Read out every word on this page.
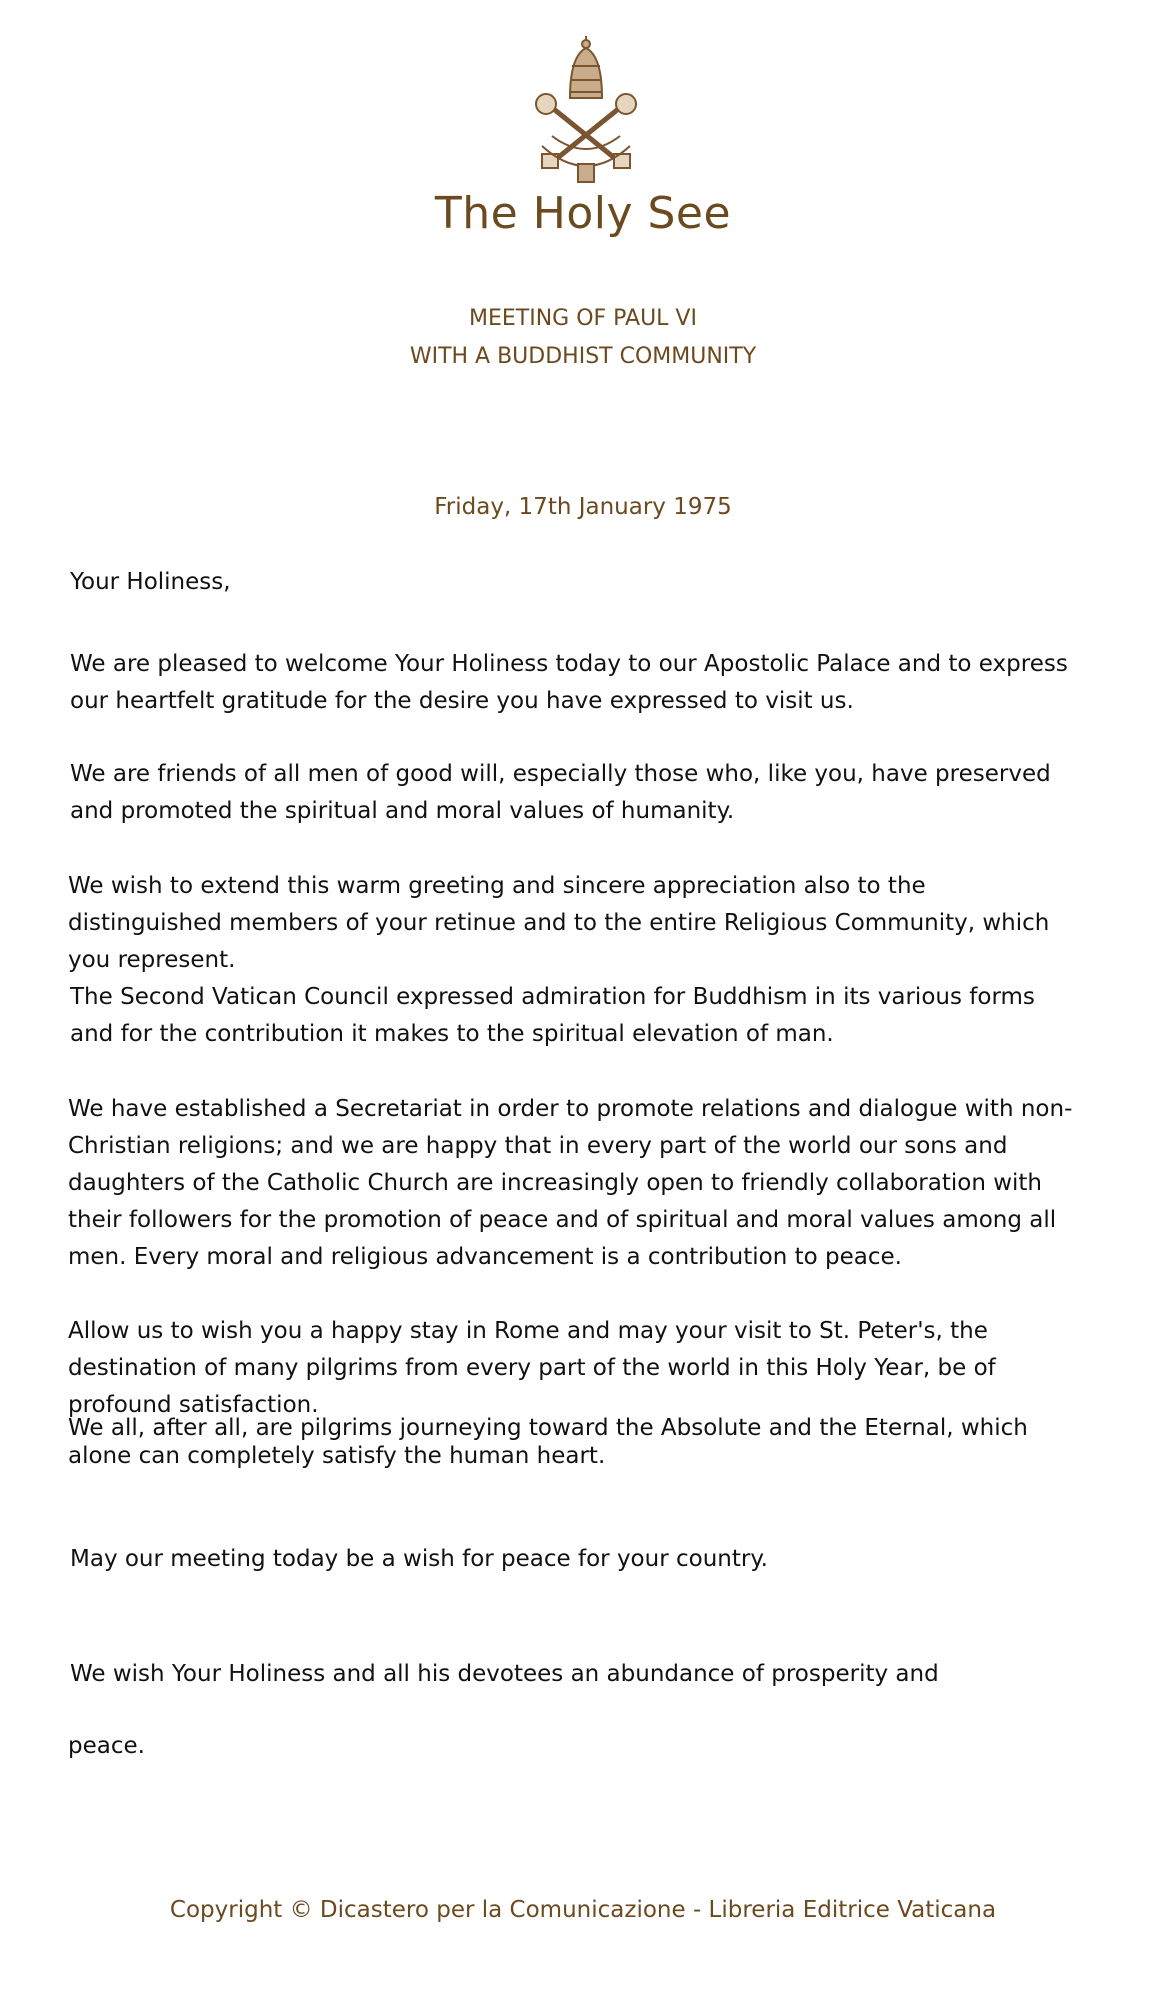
The Holy See
MEETING OF PAUL VI
WITH A BUDDHIST COMMUNITY
Friday, 17th January 1975

Your Holiness,

We are pleased to welcome Your Holiness today to our Apostolic Palace and to express our heartfelt gratitude for the desire you have expressed to visit us.

We are friends of all men of good will, especially those who, like you, have preserved and promoted the spiritual and moral values of humanity.

We wish to extend this warm greeting and sincere appreciation also to the distinguished members of your retinue and to the entire Religious Community, which you represent.

The Second Vatican Council expressed admiration for Buddhism in its various forms and for the contribution it makes to the spiritual elevation of man.

We have established a Secretariat in order to promote relations and dialogue with non-Christian religions; and we are happy that in every part of the world our sons and daughters of the Catholic Church are increasingly open to friendly collaboration with their followers for the promotion of peace and of spiritual and moral values among all men. Every moral and religious advancement is a contribution to peace.

Allow us to wish you a happy stay in Rome and may your visit to St. Peter's, the destination of many pilgrims from every part of the world in this Holy Year, be of profound satisfaction.

We all, after all, are pilgrims journeying toward the Absolute and the Eternal, which alone can completely satisfy the human heart.

May our meeting today be a wish for peace for your country.

We wish Your Holiness and all his devotees an abundance of prosperity and

peace.

Copyright © Dicastero per la Comunicazione - Libreria Editrice Vaticana
